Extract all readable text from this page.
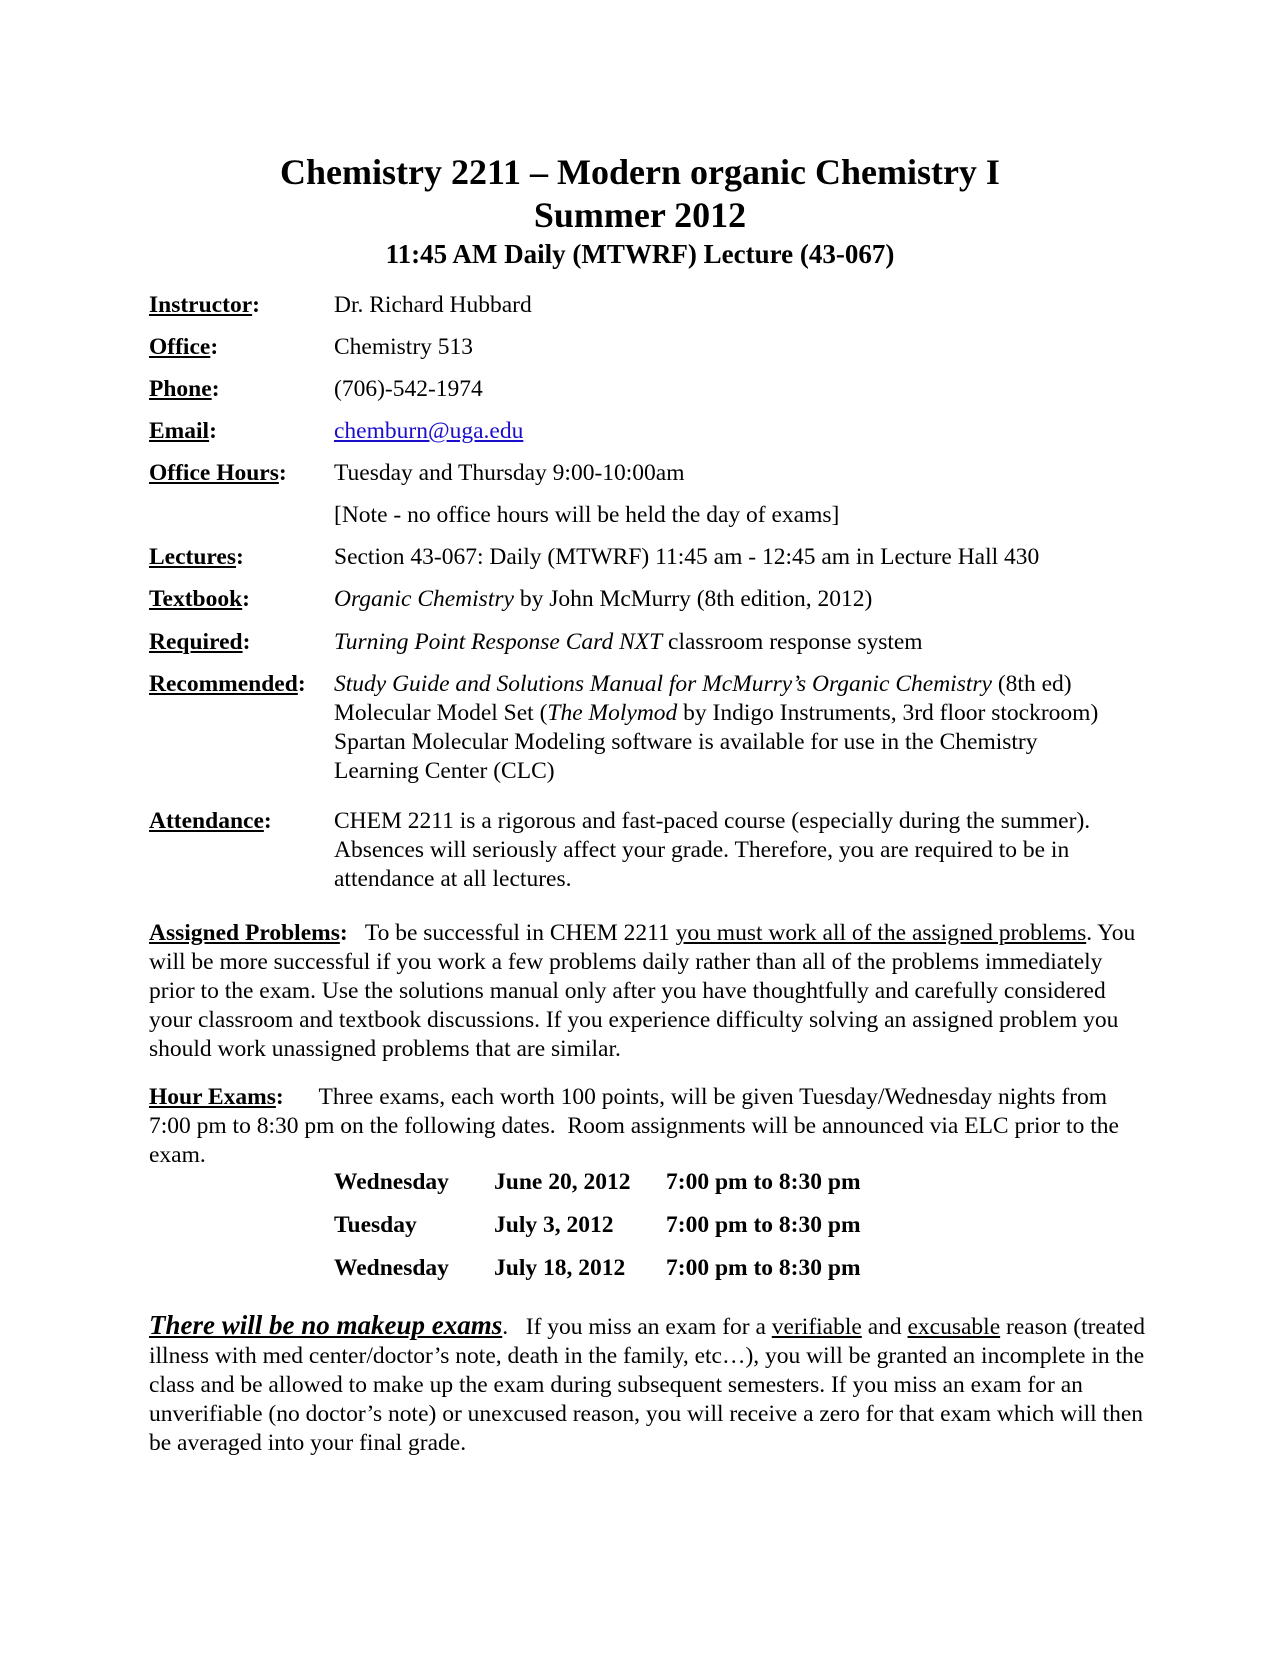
Chemistry 2211 – Modern organic Chemistry I
Summer 2012
11:45 AM Daily (MTWRF) Lecture (43-067)
Instructor:	Dr. Richard Hubbard
Office:	Chemistry 513
Phone:	(706)-542-1974
Email:	chemburn@uga.edu
Office Hours: Tuesday and Thursday 9:00-10:00am
[Note - no office hours will be held the day of exams]
Lectures:	Section 43-067: Daily (MTWRF) 11:45 am - 12:45 am in Lecture Hall 430
Textbook:	Organic Chemistry by John McMurry (8th edition, 2012)
Required:	Turning Point Response Card NXT classroom response system
Recommended: Study Guide and Solutions Manual for McMurry’s Organic Chemistry (8th ed)
Molecular Model Set (The Molymod by Indigo Instruments, 3rd floor stockroom)
Spartan Molecular Modeling software is available for use in the Chemistry Learning Center (CLC)
Attendance:	CHEM 2211 is a rigorous and fast-paced course (especially during the summer). Absences will seriously affect your grade. Therefore, you are required to be in attendance at all lectures.
Assigned Problems:   To be successful in CHEM 2211 you must work all of the assigned problems. You will be more successful if you work a few problems daily rather than all of the problems immediately prior to the exam. Use the solutions manual only after you have thoughtfully and carefully considered your classroom and textbook discussions. If you experience difficulty solving an assigned problem you should work unassigned problems that are similar.
Hour Exams:      Three exams, each worth 100 points, will be given Tuesday/Wednesday nights from 7:00 pm to 8:30 pm on the following dates.  Room assignments will be announced via ELC prior to the exam.
Wednesday June 20, 2012 7:00 pm to 8:30 pm
Tuesday	July 3, 2012 7:00 pm to 8:30 pm
Wednesday July 18, 2012 7:00 pm to 8:30 pm
There will be no makeup exams.   If you miss an exam for a verifiable and excusable reason (treated illness with med center/doctor’s note, death in the family, etc…), you will be granted an incomplete in the class and be allowed to make up the exam during subsequent semesters. If you miss an exam for an unverifiable (no doctor’s note) or unexcused reason, you will receive a zero for that exam which will then be averaged into your final grade.
